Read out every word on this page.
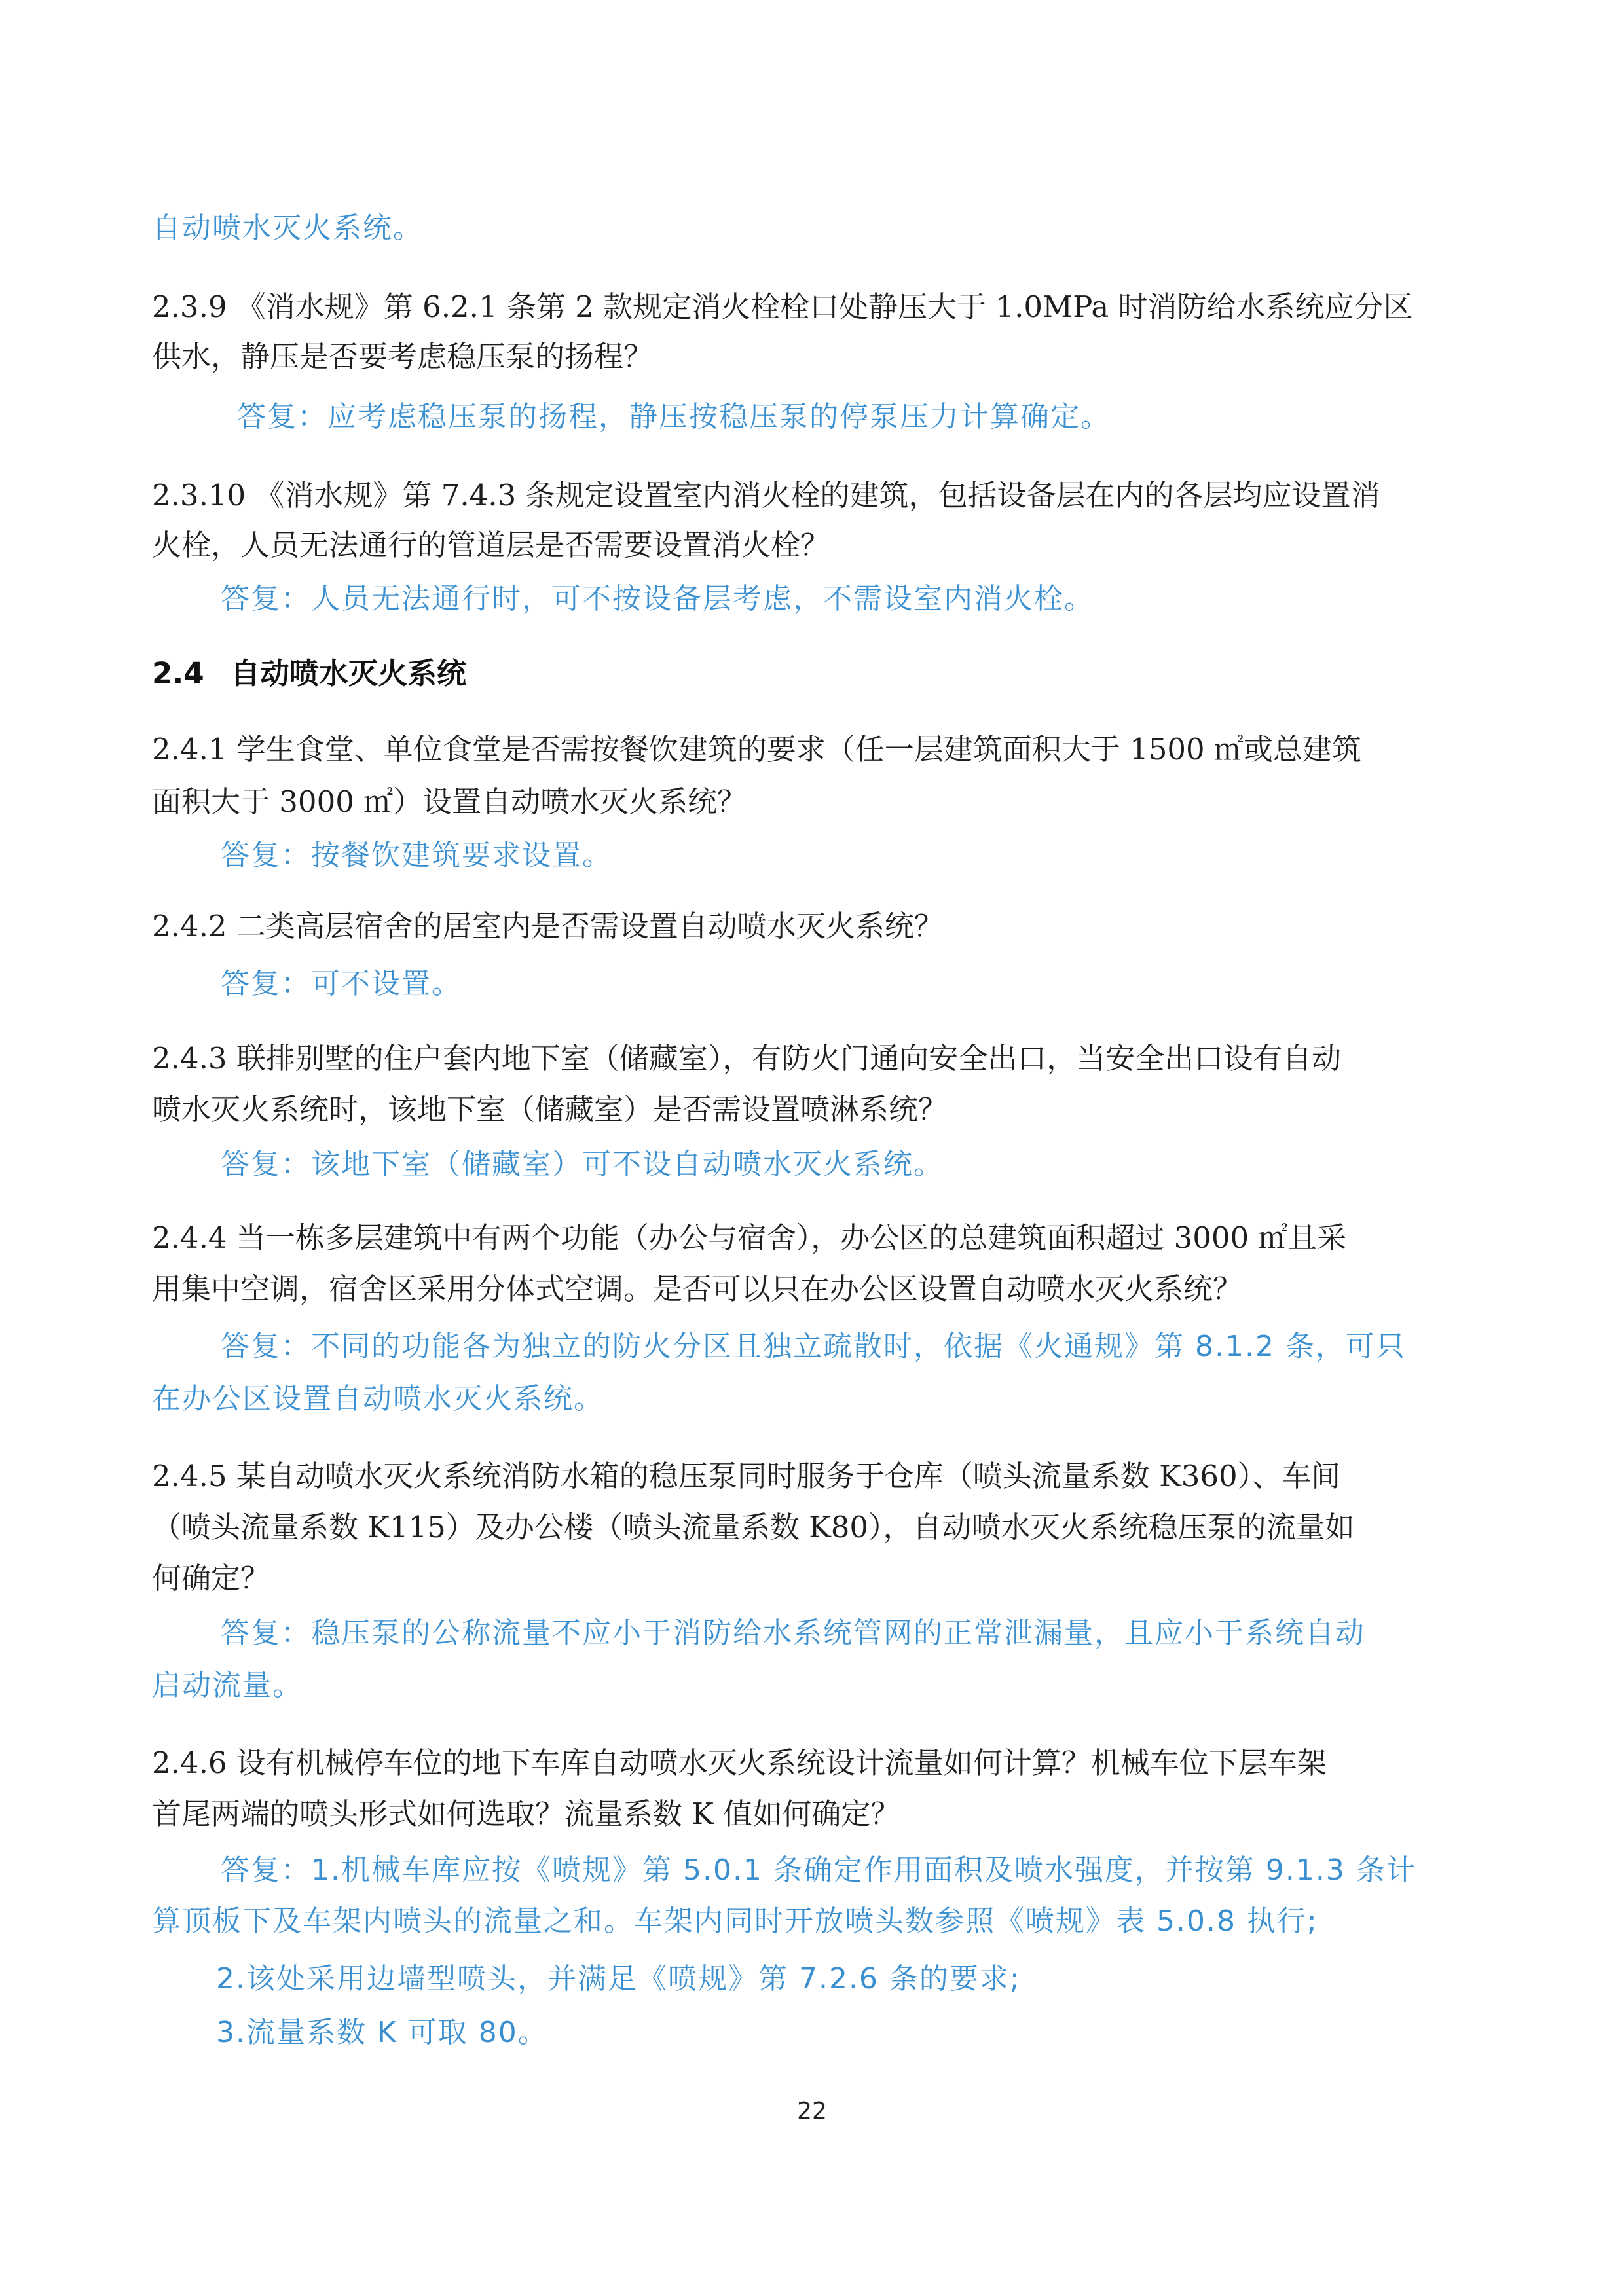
自动喷水灭火系统。
2.3.9 《消水规》第 6.2.1 条第 2 款规定消火栓栓口处静压大于 1.0MPa 时消防给水系统应分区
供水，静压是否要考虑稳压泵的扬程？
答复：应考虑稳压泵的扬程，静压按稳压泵的停泵压力计算确定。
2.3.10 《消水规》第 7.4.3 条规定设置室内消火栓的建筑，包括设备层在内的各层均应设置消
火栓，人员无法通行的管道层是否需要设置消火栓？
答复：人员无法通行时，可不按设备层考虑，不需设室内消火栓。
2.4 自动喷水灭火系统
2.4.1 学生食堂、单位食堂是否需按餐饮建筑的要求（任一层建筑面积大于 1500 ㎡或总建筑
面积大于 3000 ㎡）设置自动喷水灭火系统？
答复：按餐饮建筑要求设置。
2.4.2 二类高层宿舍的居室内是否需设置自动喷水灭火系统？
答复：可不设置。
2.4.3 联排别墅的住户套内地下室（储藏室），有防火门通向安全出口，当安全出口设有自动
喷水灭火系统时，该地下室（储藏室）是否需设置喷淋系统？
答复：该地下室（储藏室）可不设自动喷水灭火系统。
2.4.4 当一栋多层建筑中有两个功能（办公与宿舍），办公区的总建筑面积超过 3000 ㎡且采
用集中空调，宿舍区采用分体式空调。是否可以只在办公区设置自动喷水灭火系统？
答复：不同的功能各为独立的防火分区且独立疏散时，依据《火通规》第 8.1.2 条，可只
在办公区设置自动喷水灭火系统。
2.4.5 某自动喷水灭火系统消防水箱的稳压泵同时服务于仓库（喷头流量系数 K360）、车间
（喷头流量系数 K115）及办公楼（喷头流量系数 K80），自动喷水灭火系统稳压泵的流量如
何确定？
答复：稳压泵的公称流量不应小于消防给水系统管网的正常泄漏量，且应小于系统自动
启动流量。
2.4.6 设有机械停车位的地下车库自动喷水灭火系统设计流量如何计算？机械车位下层车架
首尾两端的喷头形式如何选取？流量系数 K 值如何确定？
答复：1.机械车库应按《喷规》第 5.0.1 条确定作用面积及喷水强度，并按第 9.1.3 条计
算顶板下及车架内喷头的流量之和。车架内同时开放喷头数参照《喷规》表 5.0.8 执行;
2.该处采用边墙型喷头，并满足《喷规》第 7.2.6 条的要求;
3.流量系数 K 可取 80。
22
